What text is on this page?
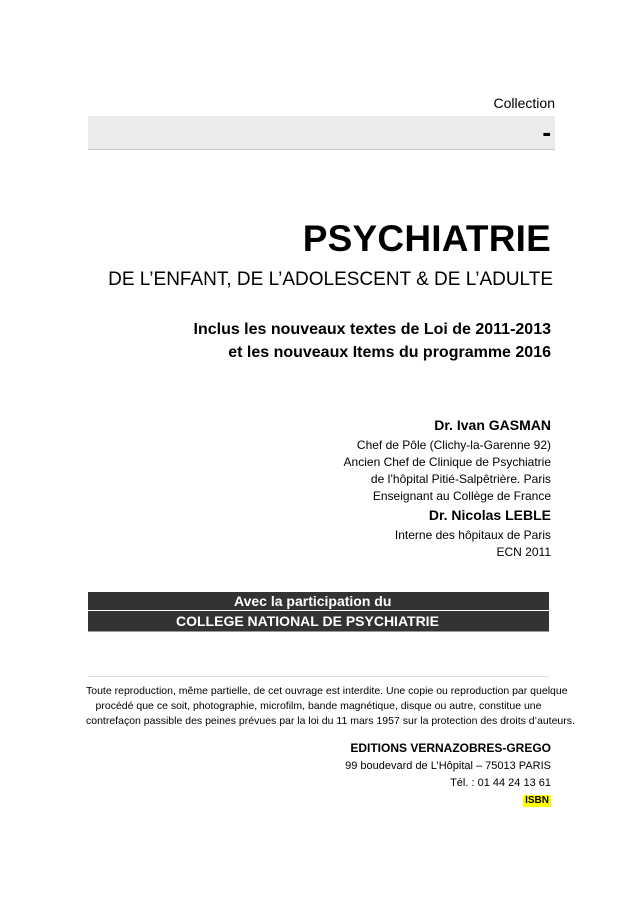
Collection
-
PSYCHIATRIE
DE L’ENFANT, DE L’ADOLESCENT & DE L’ADULTE
Inclus les nouveaux textes de Loi de 2011-2013
et les nouveaux Items du programme 2016
Dr. Ivan GASMAN
Chef de Pôle (Clichy-la-Garenne 92)
Ancien Chef de Clinique de Psychiatrie
de l’hôpital Pitié-Salpêtrière. Paris
Enseignant au Collège de France
Dr. Nicolas LEBLE
Interne des hôpitaux de Paris
ECN 2011
Avec la participation du
COLLEGE NATIONAL DE PSYCHIATRIE
Toute reproduction, même partielle, de cet ouvrage est interdite. Une copie ou reproduction par quelque
procédé que ce soit, photographie, microfilm, bande magnétique, disque ou autre, constitue une
contrefaçon passible des peines prévues par la loi du 11 mars 1957 sur la protection des droits d’auteurs.
EDITIONS VERNAZOBRES-GREGO
99 boudevard de L’Hôpital – 75013 PARIS
Tél. : 01 44 24 13 61
ISBN
